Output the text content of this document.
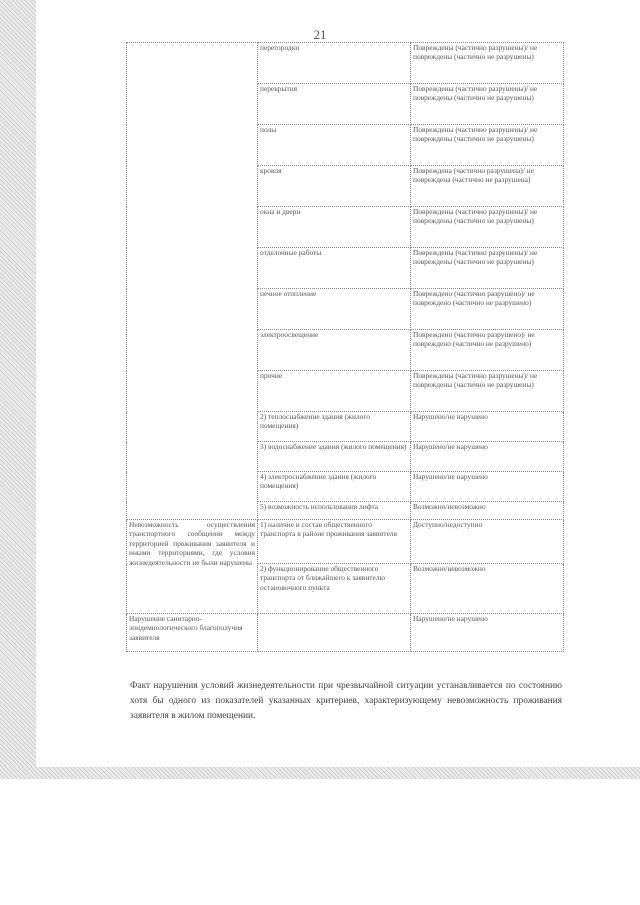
21
	перегородки	Повреждены (частично разрушены)/ не повреждены (частично не разрушены)
	перекрытия	Повреждены (частично разрушены)/ не повреждены (частично не разрушены)
	полы	Повреждены (частично разрушены)/ не повреждены (частично не разрушены)
	кровля	Повреждена (частично разрушена)/ не повреждена (частично не разрушена)
	окна и двери	Повреждены (частично разрушены)/ не повреждены (частично не разрушены)
	отделочные работы	Повреждены (частично разрушены)/ не повреждены (частично не разрушены)
	печное отопление	Повреждено (частично разрушено)/ не повреждено (частично не разрушено)
	электроосвещение	Повреждено (частично разрушено)/ не повреждено (частично не разрушено)
	прочие	Повреждены (частично разрушены)/ не повреждены (частично не разрушены)
	2) теплоснабжение здания (жилого помещения)	Нарушено/не нарушено
	3) водоснабжение здания (жилого помещения)	Нарушено/не нарушено
	4) электроснабжение здания (жилого помещения)	Нарушено/не нарушено
	5) возможность использования лифта	Возможно/невозможно
Невозможность осуществления транспортного сообщения между территорией проживания заявителя и иными территориями, где условия жизнедеятельности не были нарушены	1) наличие и состав общественного транспорта в районе проживания заявителя	Доступно/недоступно
	2) функционирование общественного транспорта от ближайшего к заявителю остановочного пункта	Возможно/невозможно
Нарушение санитарно-эпидемиологического благополучия заявителя		Нарушено/не нарушено

Факт нарушения условий жизнедеятельности при чрезвычайной ситуации устанавливается по состоянию хотя бы одного из показателей указанных критериев, характеризующему невозможность проживания заявителя в жилом помещении.
